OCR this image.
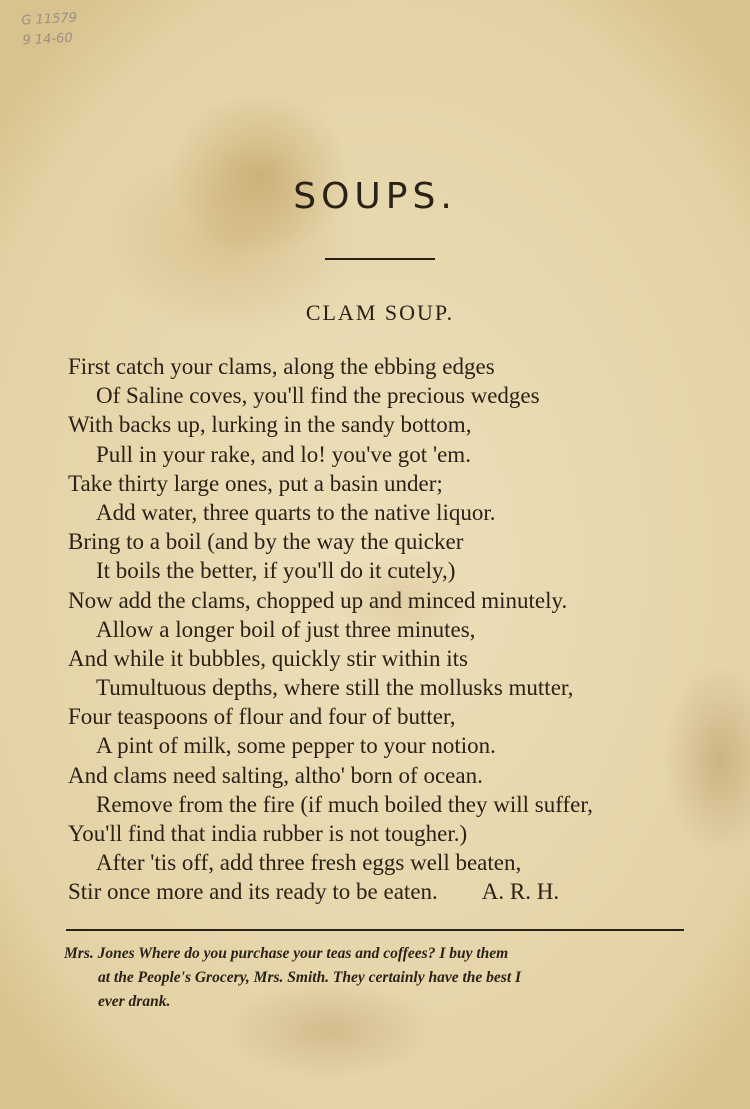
G 11579
9 14-60
SOUPS.
CLAM SOUP.
First catch your clams, along the ebbing edges
Of Saline coves, you'll find the precious wedges
With backs up, lurking in the sandy bottom,
Pull in your rake, and lo! you've got 'em.
Take thirty large ones, put a basin under;
Add water, three quarts to the native liquor.
Bring to a boil (and by the way the quicker
It boils the better, if you'll do it cutely,)
Now add the clams, chopped up and minced minutely.
Allow a longer boil of just three minutes,
And while it bubbles, quickly stir within its
Tumultuous depths, where still the mollusks mutter,
Four teaspoons of flour and four of butter,
A pint of milk, some pepper to your notion.
And clams need salting, altho' born of ocean.
Remove from the fire (if much boiled they will suffer,
You'll find that india rubber is not tougher.)
After 'tis off, add three fresh eggs well beaten,
Stir once more and its ready to be eaten. A. R. H.
Mrs. Jones Where do you purchase your teas and coffees? I buy them
at the People's Grocery, Mrs. Smith. They certainly have the best I
ever drank.
